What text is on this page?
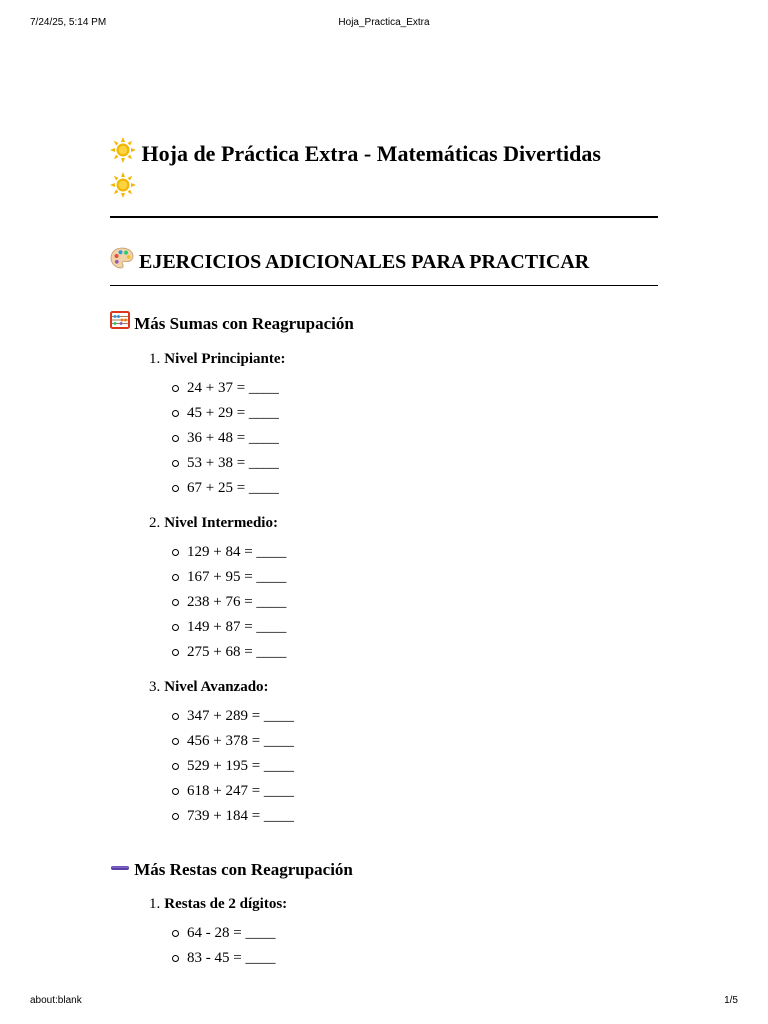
7/24/25, 5:14 PM	Hoja_Practica_Extra
Hoja de Práctica Extra - Matemáticas Divertidas

EJERCICIOS ADICIONALES PARA PRACTICAR
Más Sumas con Reagrupación
1. Nivel Principiante:
24 + 37 = ____
45 + 29 = ____
36 + 48 = ____
53 + 38 = ____
67 + 25 = ____
2. Nivel Intermedio:
129 + 84 = ____
167 + 95 = ____
238 + 76 = ____
149 + 87 = ____
275 + 68 = ____
3. Nivel Avanzado:
347 + 289 = ____
456 + 378 = ____
529 + 195 = ____
618 + 247 = ____
739 + 184 = ____
Más Restas con Reagrupación
1. Restas de 2 dígitos:
64 - 28 = ____
83 - 45 = ____
about:blank	1/5
